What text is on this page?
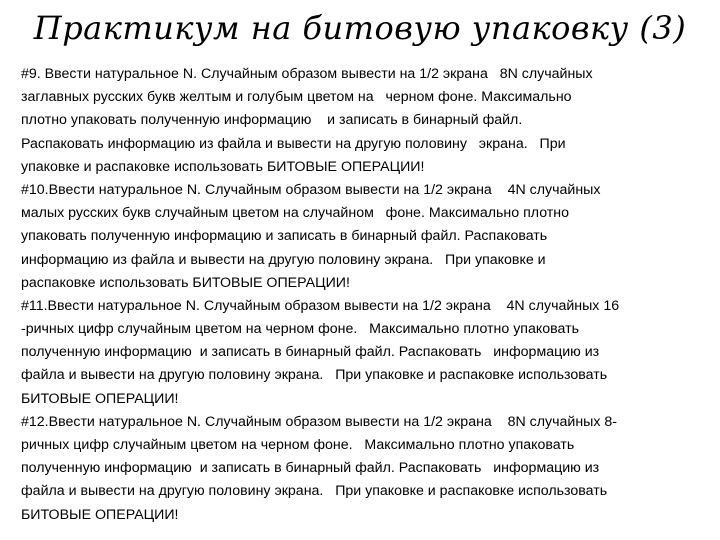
Практикум на битовую упаковку (3)
#9. Ввести натуральное N. Случайным образом вывести на 1/2 экрана   8N случайных
заглавных русских букв желтым и голубым цветом на   черном фоне. Максимально
плотно упаковать полученную информацию    и записать в бинарный файл.
Распаковать информацию из файла и вывести на другую половину   экрана.   При
упаковке и распаковке использовать БИТОВЫЕ ОПЕРАЦИИ!
#10.Ввести натуральное N. Случайным образом вывести на 1/2 экрана    4N случайных
малых русских букв случайным цветом на случайном   фоне. Максимально плотно
упаковать полученную информацию и записать в бинарный файл. Распаковать
информацию из файла и вывести на другую половину экрана.   При упаковке и
распаковке использовать БИТОВЫЕ ОПЕРАЦИИ!
#11.Ввести натуральное N. Случайным образом вывести на 1/2 экрана    4N случайных 16
-ричных цифр случайным цветом на черном фоне.   Максимально плотно упаковать
полученную информацию  и записать в бинарный файл. Распаковать   информацию из
файла и вывести на другую половину экрана.   При упаковке и распаковке использовать
БИТОВЫЕ ОПЕРАЦИИ!
#12.Ввести натуральное N. Случайным образом вывести на 1/2 экрана    8N случайных 8-
ричных цифр случайным цветом на черном фоне.   Максимально плотно упаковать
полученную информацию  и записать в бинарный файл. Распаковать   информацию из
файла и вывести на другую половину экрана.   При упаковке и распаковке использовать
БИТОВЫЕ ОПЕРАЦИИ!
